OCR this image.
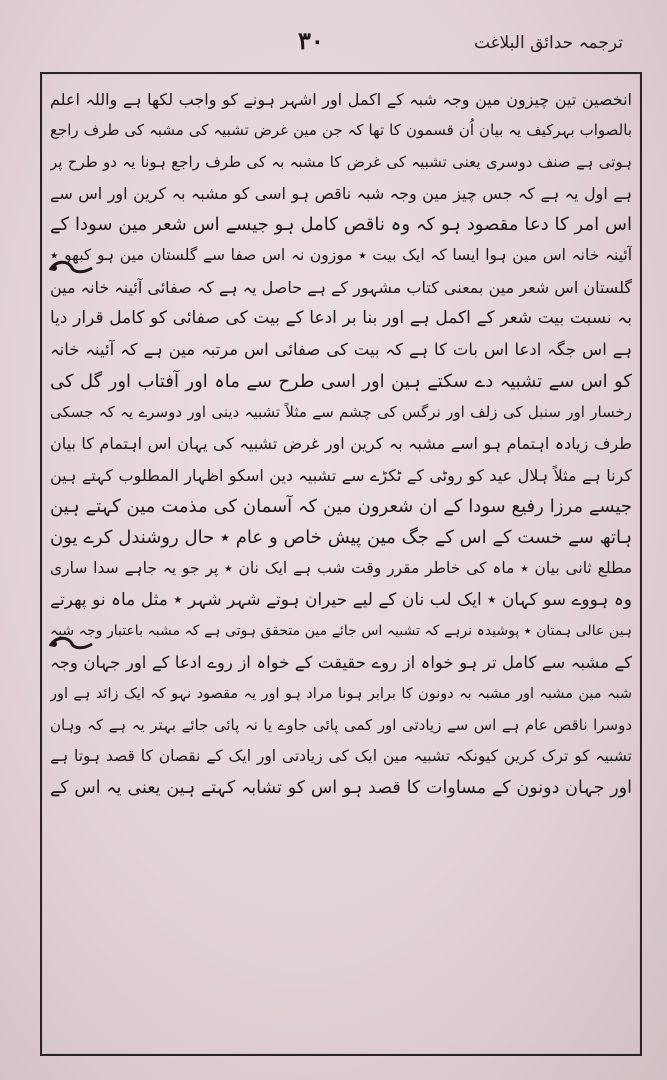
ترجمہ حدائق البلاغت
۳۰
انخصین تین چیزون مین وجہ شبہ کے اکمل اور اشہر ہونے کو واجب لکھا ہے واللہ اعلم
بالصواب بہرکیف یہ بیان اُن قسمون کا تھا کہ جن مین غرض تشبیہ کی مشبہ کی طرف راجع
ہوتی ہے صنف دوسری یعنی تشبیہ کی غرض کا مشبہ بہ کی طرف راجع ہونا یہ دو طرح پر
ہے اول یہ ہے کہ جس چیز مین وجہ شبہ ناقص ہو اسی کو مشبہ بہ کرین اور اس سے
اس امر کا دعا مقصود ہو کہ وہ ناقص کامل ہو جیسے اس شعر مین سودا کے
آئینہ خانہ اس مین ہوا ایسا کہ ایک بیت ٭ موزون نہ اس صفا سے گلستان مین ہو کبھو ٭
گلستان اس شعر مین بمعنی کتاب مشہور کے ہے حاصل یہ ہے کہ صفائی آئینہ خانہ مین
بہ نسبت بیت شعر کے اکمل ہے اور بنا بر ادعا کے بیت کی صفائی کو کامل قرار دیا
ہے اس جگہ ادعا اس بات کا ہے کہ بیت کی صفائی اس مرتبہ مین ہے کہ آئینہ خانہ
کو اس سے تشبیہ دے سکتے ہین اور اسی طرح سے ماہ اور آفتاب اور گل کی
رخسار اور سنبل کی زلف اور نرگس کی چشم سے مثلاً تشبیہ دینی اور دوسرے یہ کہ جسکی
طرف زیادہ اہتمام ہو اسے مشبہ بہ کرین اور غرض تشبیہ کی یہان اس اہتمام کا بیان
کرنا ہے مثلاً ہلال عید کو روٹی کے ٹکڑے سے تشبیہ دین اسکو اظہار المطلوب کہتے ہین
جیسے مرزا رفیع سودا کے ان شعرون مین کہ آسمان کی مذمت مین کہتے ہین
ہاتھ سے خست کے اس کے جگ مین پیش خاص و عام ٭ حال روشندل کرے یون
مطلع ثانی بیان ٭ ماہ کی خاطر مقرر وقت شب ہے ایک نان ٭ پر جو یہ جاہے سدا ساری
وہ ہووے سو کہان ٭ ایک لب نان کے لیے حیران ہوتے شہر شہر ٭ مثل ماہ نو پھرتے
ہین عالی ہمتان ٭ پوشیدہ نرہے کہ تشبیہ اس جائے مین متحقق ہوتی ہے کہ مشبہ باعتبار وجہ شبہ
کے مشبہ سے کامل تر ہو خواہ از روے حقیقت کے خواہ از روے ادعا کے اور جہان وجہ
شبہ مین مشبہ اور مشبہ بہ دونون کا برابر ہونا مراد ہو اور یہ مقصود نہو کہ ایک زائد ہے اور
دوسرا ناقص عام ہے اس سے زیادتی اور کمی پائی جاوے یا نہ پائی جائے بہتر یہ ہے کہ وہان
تشبیہ کو ترک کرین کیونکہ تشبیہ مین ایک کی زیادتی اور ایک کے نقصان کا قصد ہوتا ہے
اور جہان دونون کے مساوات کا قصد ہو اس کو تشابہ کہتے ہین یعنی یہ اس کے
